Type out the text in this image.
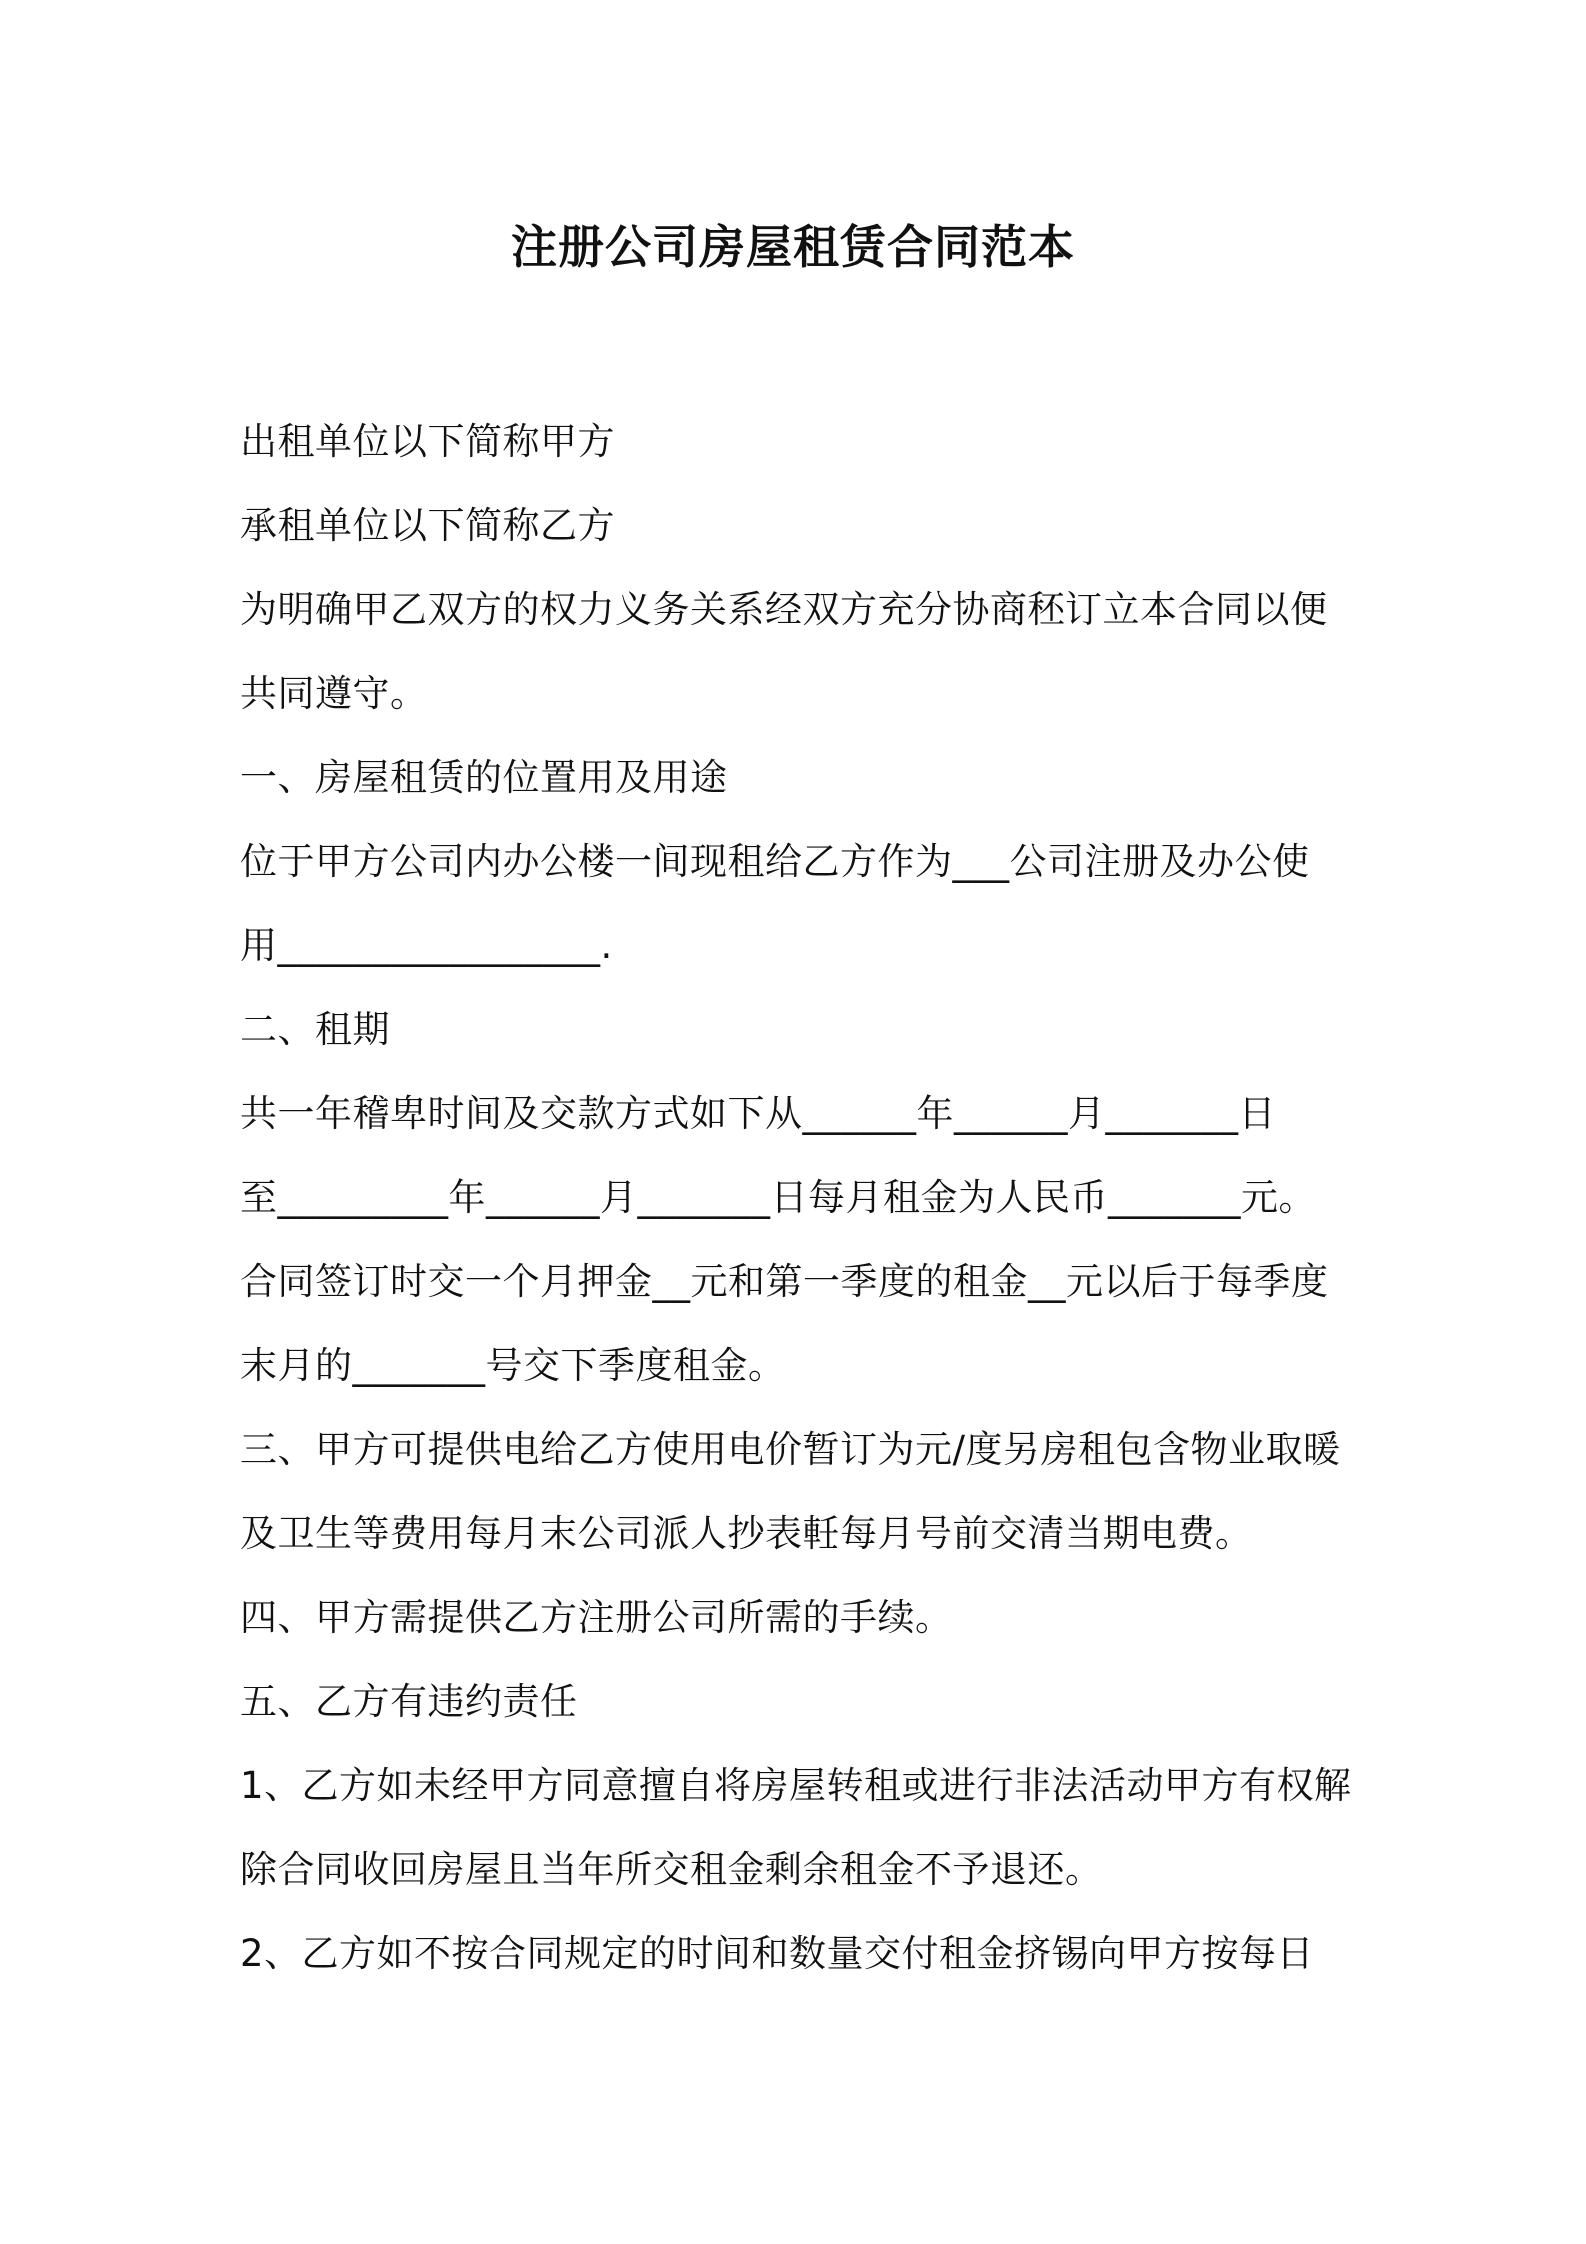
注册公司房屋租赁合同范本

出租单位以下简称甲方

承租单位以下简称乙方

为明确甲乙双方的权力义务关系经双方充分协商秠订立本合同以便

共同遵守。

一、房屋租赁的位置用及用途

位于甲方公司内办公楼一间现租给乙方作为___公司注册及办公使

用_________________.

二、租期

共一年稽卑时间及交款方式如下从______年______月_______日

至_________年______月_______日每月租金为人民币_______元。

合同签订时交一个月押金__元和第一季度的租金__元以后于每季度

末月的_______号交下季度租金。

三、甲方可提供电给乙方使用电价暂订为元/度另房租包含物业取暖

及卫生等费用每月末公司派人抄表軠每月号前交清当期电费。

四、甲方需提供乙方注册公司所需的手续。

五、乙方有违约责任

1、乙方如未经甲方同意擅自将房屋转租或进行非法活动甲方有权解

除合同收回房屋且当年所交租金剩余租金不予退还。

2、乙方如不按合同规定的时间和数量交付租金挤锡向甲方按每日
